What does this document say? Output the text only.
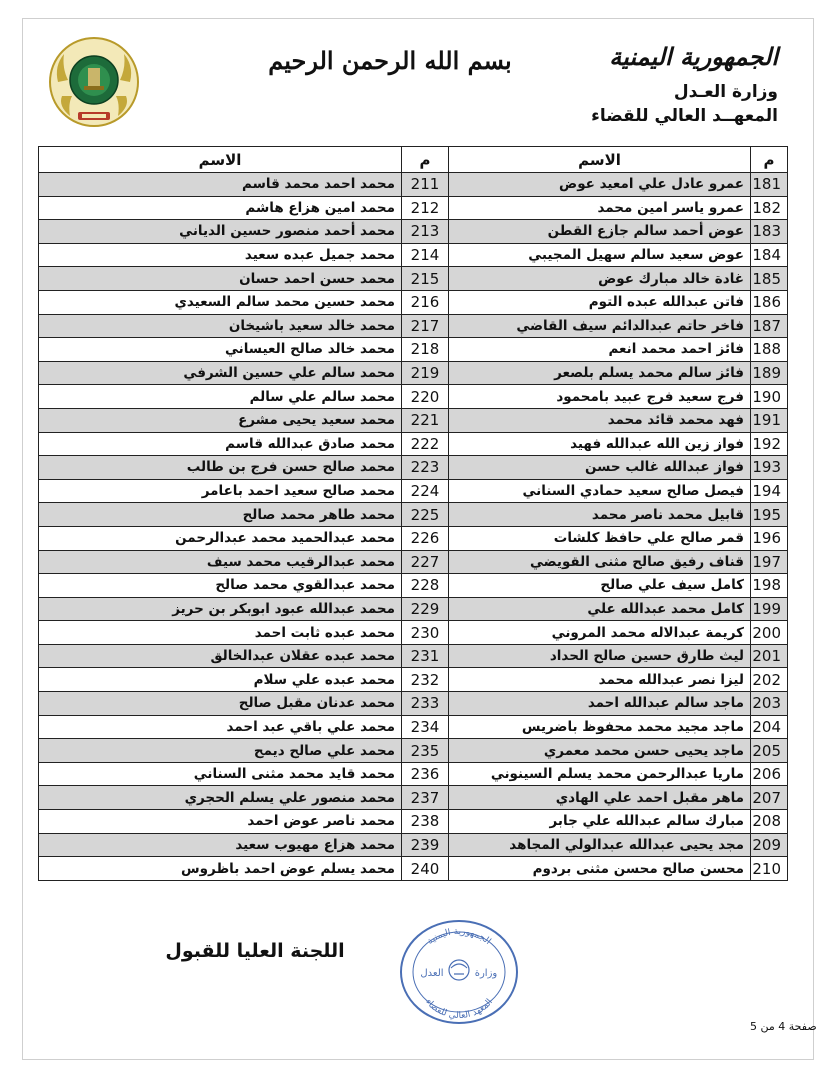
بسم الله الرحمن الرحيم	الجمهورية اليمنية
وزارة العـدل
المعهــد العالي للقضاء
م	الاسم		م	الاسم
181	عمرو عادل علي امعيد عوض		211	محمد احمد محمد قاسم
182	عمرو ياسر امين محمد		212	محمد امين هزاع هاشم
183	عوض أحمد سالم جازع القطن		213	محمد أحمد منصور حسين الدياني
184	عوض سعيد سالم سهيل المجيبي		214	محمد جميل عبده سعيد
185	غادة خالد مبارك عوض		215	محمد حسن احمد حسان
186	فاتن عبدالله عبده التوم		216	محمد حسين محمد سالم السعيدي
187	فاخر حاتم عبدالدائم سيف القاضي		217	محمد خالد سعيد باشيخان
188	فائز احمد محمد انعم		218	محمد خالد صالح العيساني
189	فائز سالم محمد يسلم بلصعر		219	محمد سالم علي حسين الشرفي
190	فرج سعيد فرج عبيد بامحمود		220	محمد سالم علي سالم
191	فهد محمد قائد محمد		221	محمد سعيد يحيى مشرع
192	فواز زين الله عبدالله فهيد		222	محمد صادق عبدالله قاسم
193	فواز عبدالله غالب حسن		223	محمد صالح حسن فرج بن طالب
194	فيصل صالح سعيد حمادي السناني		224	محمد صالح سعيد احمد باعامر
195	قابيل محمد ناصر محمد		225	محمد طاهر محمد صالح
196	قمر صالح علي حافظ كلشات		226	محمد عبدالحميد محمد عبدالرحمن
197	قناف رفيق صالح مثنى القويضي		227	محمد عبدالرقيب محمد سيف
198	كامل سيف علي صالح		228	محمد عبدالقوي محمد صالح
199	كامل محمد عبدالله علي		229	محمد عبدالله عبود ابوبكر بن حريز
200	كريمة عبدالاله محمد المروني		230	محمد عبده ثابت احمد
201	ليث طارق حسين صالح الحداد		231	محمد عبده عقلان عبدالخالق
202	ليزا نصر عبدالله محمد		232	محمد عبده علي سلام
203	ماجد سالم عبدالله احمد		233	محمد عدنان مقبل صالح
204	ماجد مجيد محمد محفوظ باضريس		234	محمد علي باقي عبد احمد
205	ماجد يحيى حسن محمد معمري		235	محمد علي صالح ديمح
206	ماريا عبدالرحمن محمد يسلم السينوني		236	محمد قايد محمد مثنى السناني
207	ماهر مقبل احمد علي الهادي		237	محمد منصور علي يسلم الحجري
208	مبارك سالم عبدالله علي جابر		238	محمد ناصر عوض احمد
209	مجد يحيى عبدالله عبدالولي المجاهد		239	محمد هزاع مهيوب سعيد
210	محسن صالح محسن مثنى بردوم		240	محمد يسلم عوض احمد باظروس
اللجنة العليا للقبول	الجمهورية اليمنية
المعهد العالي للقضاء
وزارة
العدل
صفحة 4 من 5
